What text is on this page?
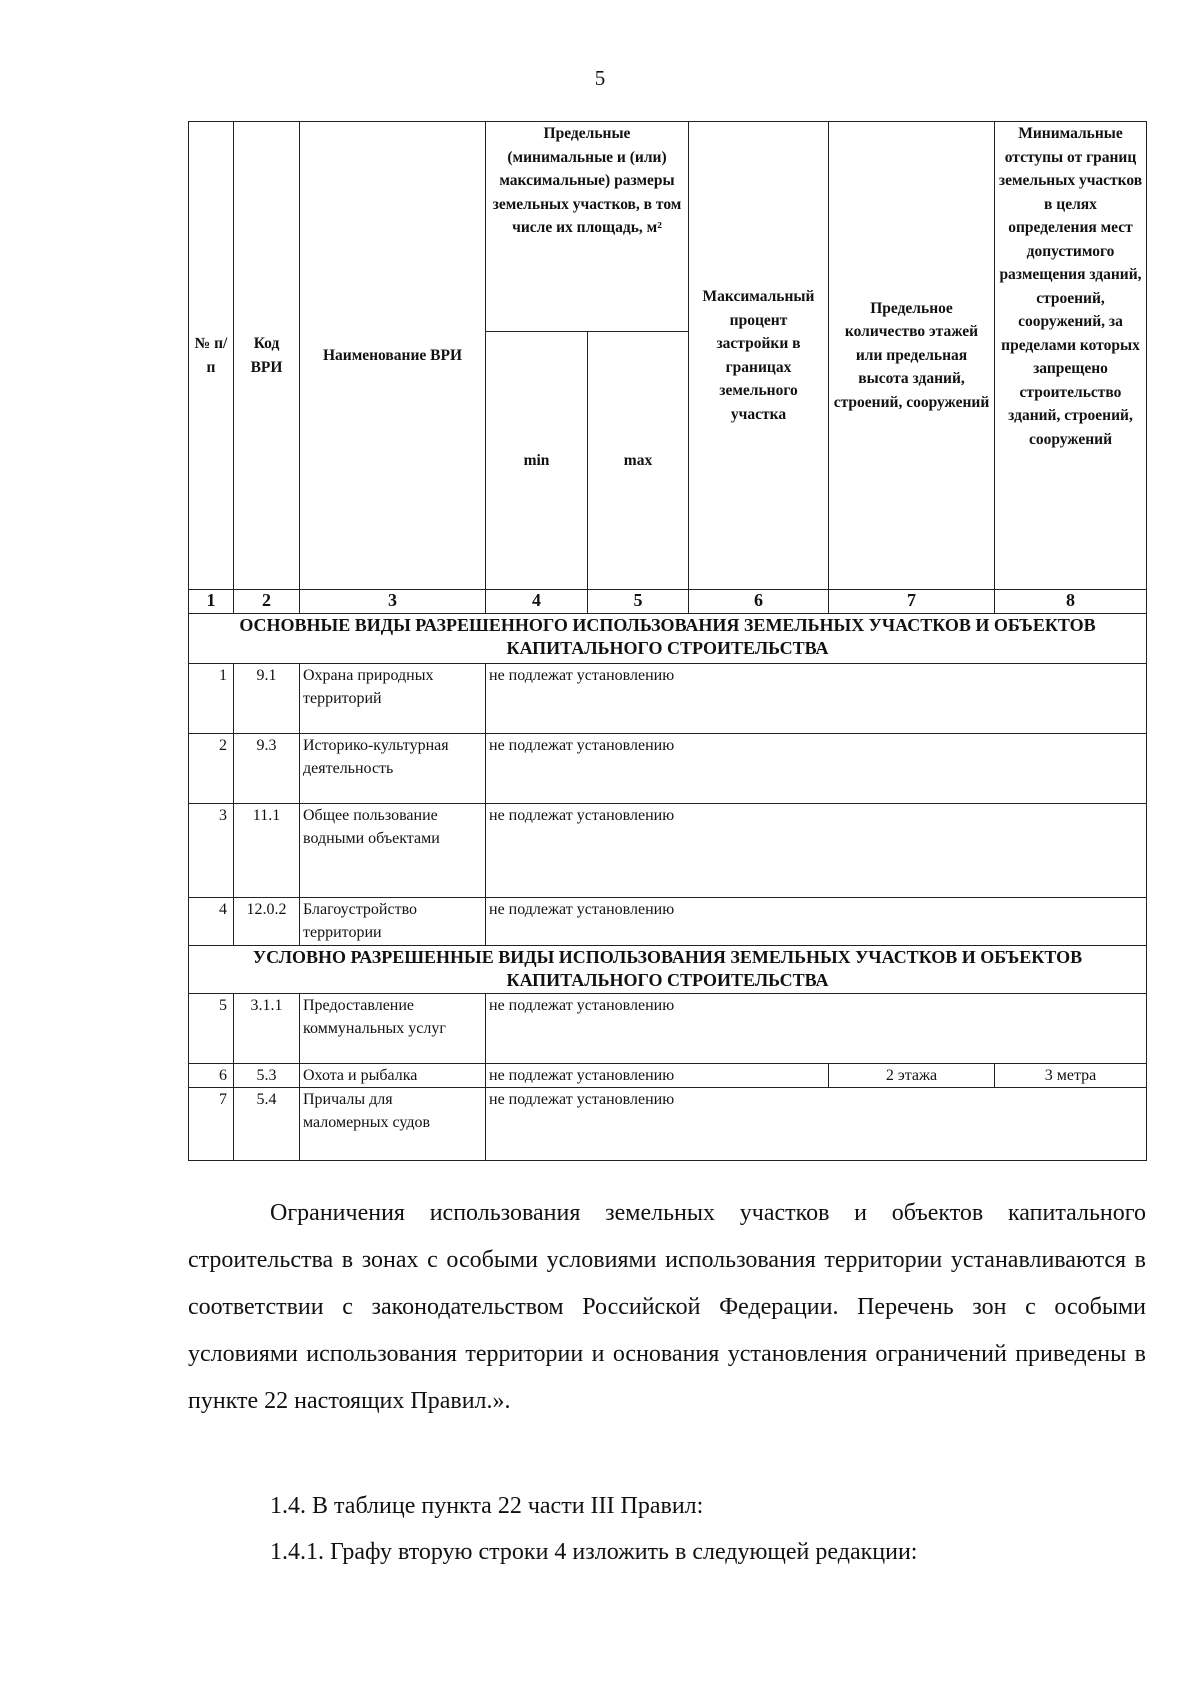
5
№ п/ п	Код ВРИ	Наименование ВРИ	Предельные (минимальные и (или) максимальные) размеры земельных участков, в том числе их площадь, м²		Максимальный процент застройки в границах земельного участка	Предельное количество этажей или предельная высота зданий, строений, сооружений	Минимальные отступы от границ земельных участков в целях определения мест допустимого размещения зданий, строений, сооружений, за пределами которых запрещено строительство зданий, строений, сооружений
			min	max			
1	2	3	4	5	6	7	8
ОСНОВНЫЕ ВИДЫ РАЗРЕШЕННОГО ИСПОЛЬЗОВАНИЯ ЗЕМЕЛЬНЫХ УЧАСТКОВ И ОБЪЕКТОВ КАПИТАЛЬНОГО СТРОИТЕЛЬСТВА							
1	9.1	Охрана природных территорий	не подлежат установлению				
2	9.3	Историко-культурная деятельность	не подлежат установлению				
3	11.1	Общее пользование водными объектами	не подлежат установлению				
4	12.0.2	Благоустройство территории	не подлежат установлению				
УСЛОВНО РАЗРЕШЕННЫЕ ВИДЫ ИСПОЛЬЗОВАНИЯ ЗЕМЕЛЬНЫХ УЧАСТКОВ И ОБЪЕКТОВ КАПИТАЛЬНОГО СТРОИТЕЛЬСТВА							
5	3.1.1	Предоставление коммунальных услуг	не подлежат установлению				
6	5.3	Охота и рыбалка	не подлежат установлению			2 этажа	3 метра
7	5.4	Причалы для маломерных судов	не подлежат установлению				

Ограничения использования земельных участков и объектов капитального строительства в зонах с особыми условиями использования территории устанавливаются в соответствии с законодательством Российской Федерации. Перечень зон с особыми условиями использования территории и основания установления ограничений приведены в пункте 22 настоящих Правил.».

1.4. В таблице пункта 22 части III Правил:

1.4.1. Графу вторую строки 4 изложить в следующей редакции:
